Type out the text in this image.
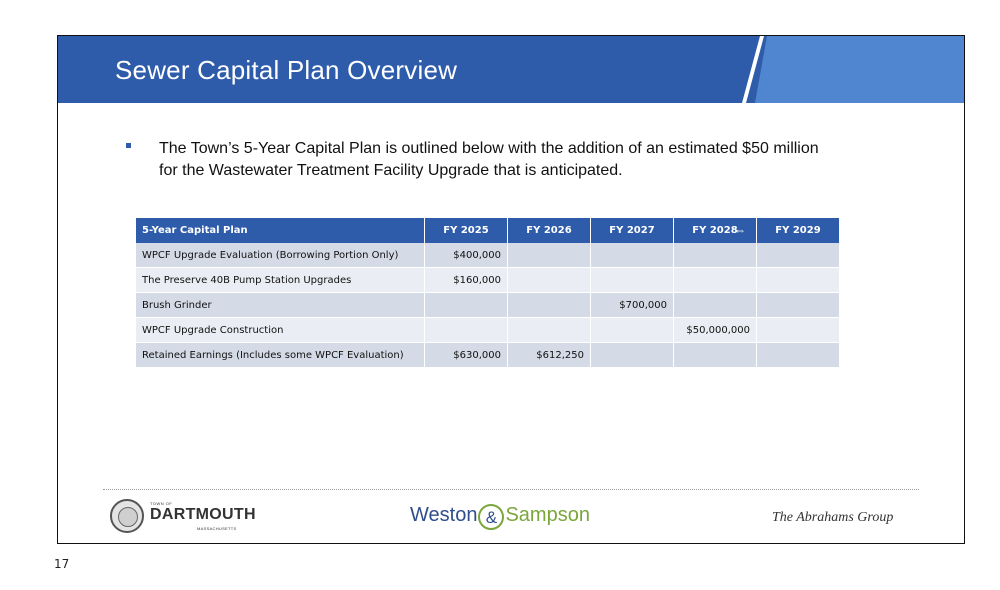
Sewer Capital Plan Overview
The Town’s 5-Year Capital Plan is outlined below with the addition of an estimated $50 million for the Wastewater Treatment Facility Upgrade that is anticipated.
5-Year Capital Plan	FY 2025	FY 2026	FY 2027	FY 2028	FY 2029
WPCF Upgrade Evaluation (Borrowing Portion Only)	$400,000				
The Preserve 40B Pump Station Upgrades	$160,000				
Brush Grinder			$700,000		
WPCF Upgrade Construction				$50,000,000	
Retained Earnings (Includes some WPCF Evaluation)	$630,000	$612,250			
⇔
TOWN OF
DARTMOUTH
MASSACHUSETTS
Weston & Sampson	The Abrahams Group
17
